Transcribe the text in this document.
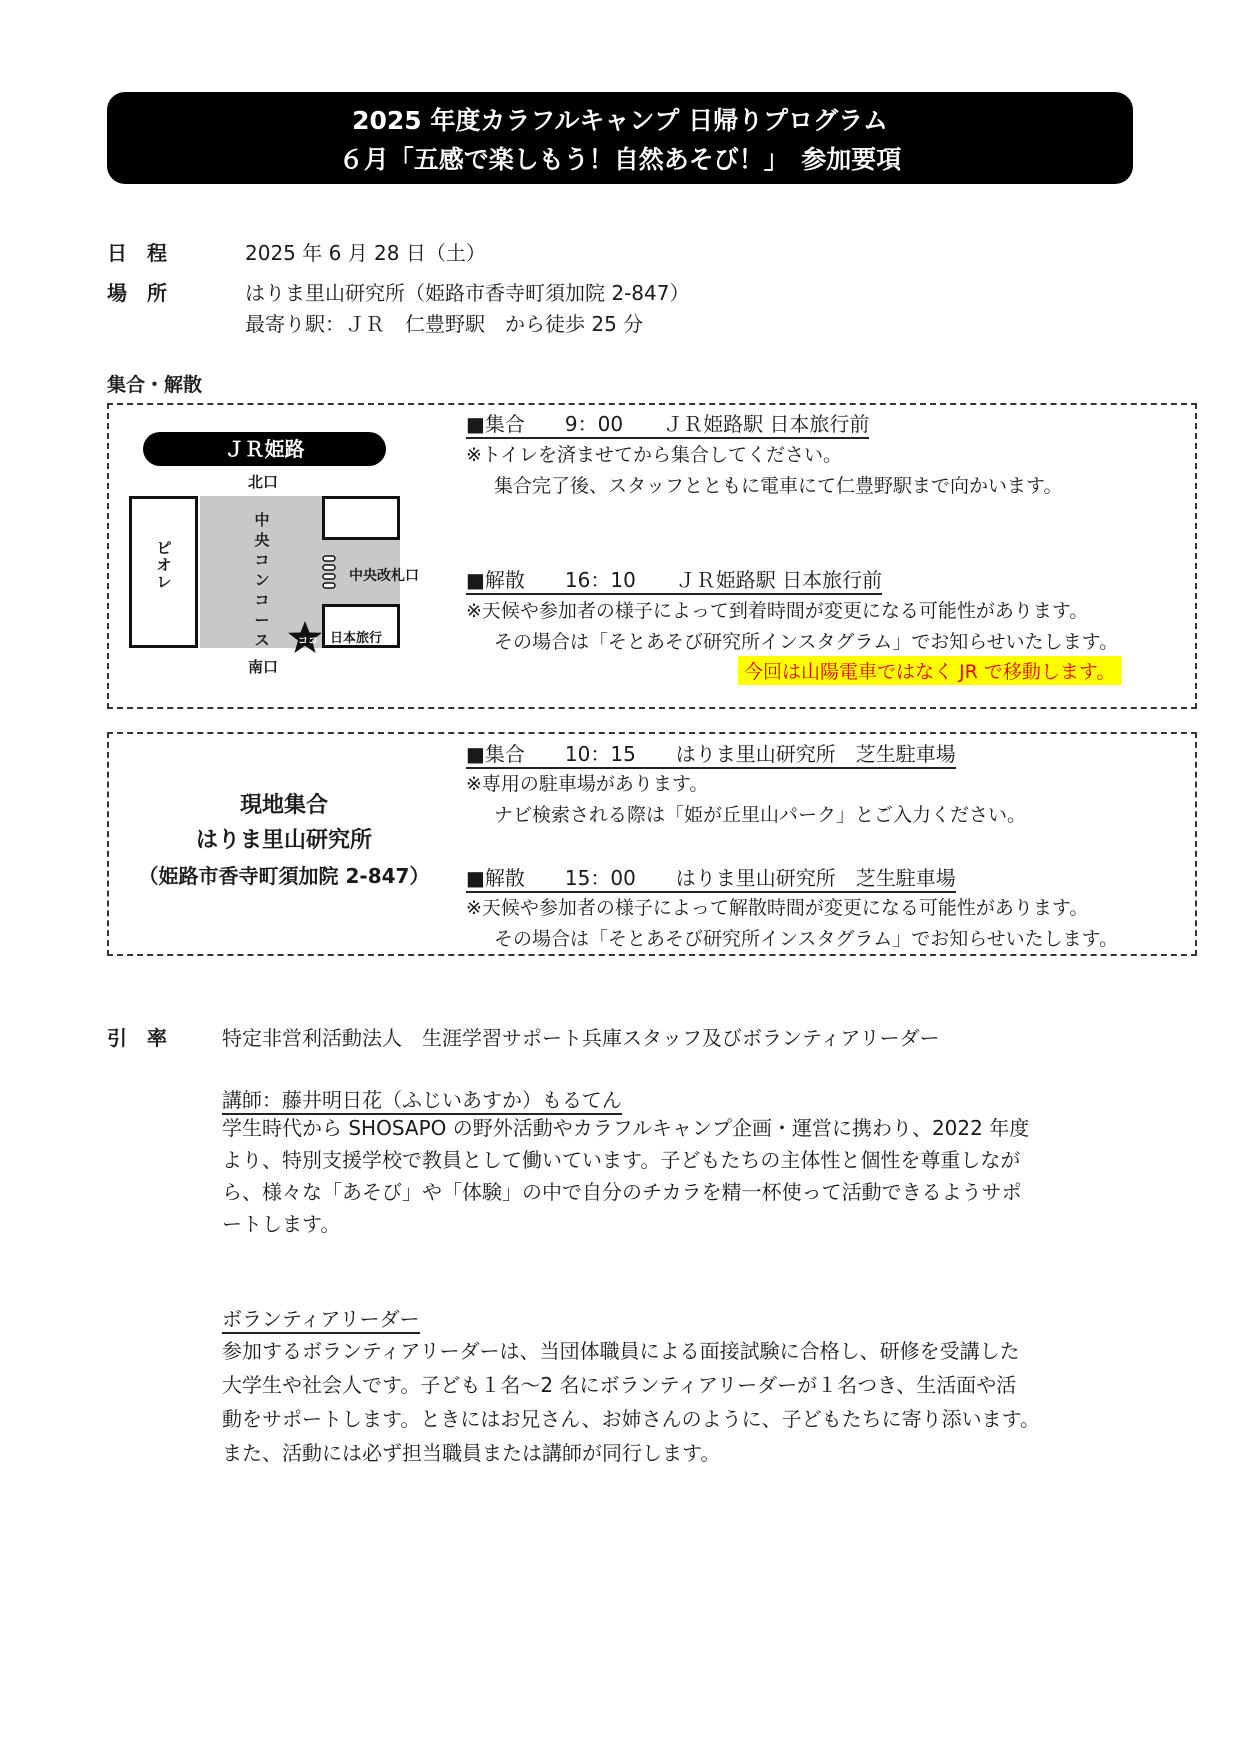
2025 年度カラフルキャンプ 日帰りプログラム
６月「五感で楽しもう！自然あそび！」　参加要項
日　程	2025 年 6 月 28 日（土）
場　所	はりま里山研究所（姫路市香寺町須加院 2-847）
最寄り駅：ＪＲ　仁豊野駅　から徒歩 25 分
集合・解散
ＪＲ姫路
北口
ピオレ
中央コンコース	日本旅行
中央改札口
ココ
南口
■集合　　9：00　　ＪＲ姫路駅 日本旅行前
※トイレを済ませてから集合してください。
集合完了後、スタッフとともに電車にて仁豊野駅まで向かいます。
■解散　　16：10　　ＪＲ姫路駅 日本旅行前
※天候や参加者の様子によって到着時間が変更になる可能性があります。
その場合は「そとあそび研究所インスタグラム」でお知らせいたします。
今回は山陽電車ではなく JR で移動します。
現地集合
はりま里山研究所
（姫路市香寺町須加院 2-847）
■集合　　10：15　　はりま里山研究所　芝生駐車場
※専用の駐車場があります。
ナビ検索される際は「姫が丘里山パーク」とご入力ください。
■解散　　15：00　　はりま里山研究所　芝生駐車場
※天候や参加者の様子によって解散時間が変更になる可能性があります。
その場合は「そとあそび研究所インスタグラム」でお知らせいたします。
引　率	特定非営利活動法人　生涯学習サポート兵庫スタッフ及びボランティアリーダー
講師：藤井明日花（ふじいあすか）もるてん
学生時代から SHOSAPO の野外活動やカラフルキャンプ企画・運営に携わり、2022 年度
より、特別支援学校で教員として働いています。子どもたちの主体性と個性を尊重しなが
ら、様々な「あそび」や「体験」の中で自分のチカラを精一杯使って活動できるようサポ
ートします。
ボランティアリーダー
参加するボランティアリーダーは、当団体職員による面接試験に合格し、研修を受講した
大学生や社会人です。子ども１名～2 名にボランティアリーダーが１名つき、生活面や活
動をサポートします。ときにはお兄さん、お姉さんのように、子どもたちに寄り添います。
また、活動には必ず担当職員または講師が同行します。
